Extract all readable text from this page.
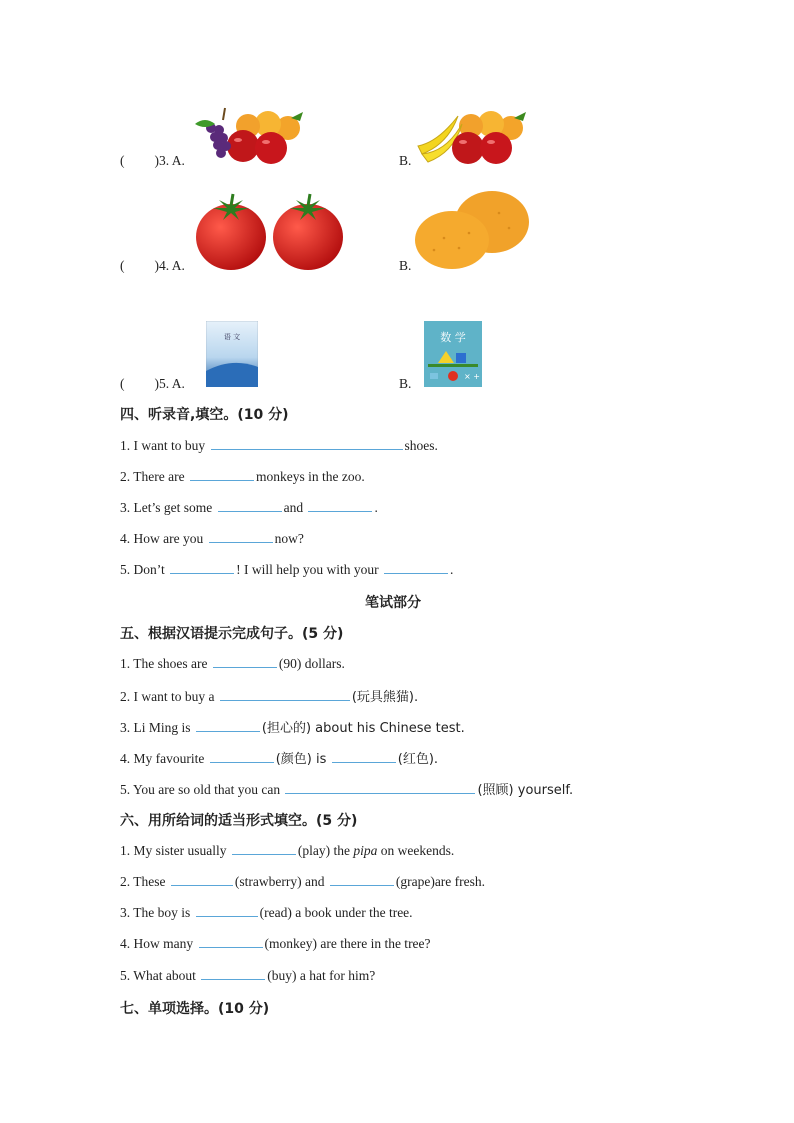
( )3. A.	B.
( )4. A.	B.
( )5. A.	B.
语 文	数 学
× +
四、听录音,填空。(10 分)
1. I want to buy	shoes.
2. There are	monkeys in the zoo.
3. Let’s get some	and	.
4. How are you	now?
5. Don’t	! I will help you with your	.
笔试部分
五、根据汉语提示完成句子。(5 分)
1. The shoes are	(90) dollars.
2. I want to buy a	(玩具熊猫).
3. Li Ming is	(担心的) about his Chinese test.
4. My favourite	(颜色) is	(红色).
5. You are so old that you can	(照顾) yourself.
六、用所给词的适当形式填空。(5 分)
1. My sister usually	(play) the pipa on weekends.
2. These	(strawberry) and	(grape)are fresh.
3. The boy is	(read) a book under the tree.
4. How many	(monkey) are there in the tree?
5. What about	(buy) a hat for him?
七、单项选择。(10 分)
